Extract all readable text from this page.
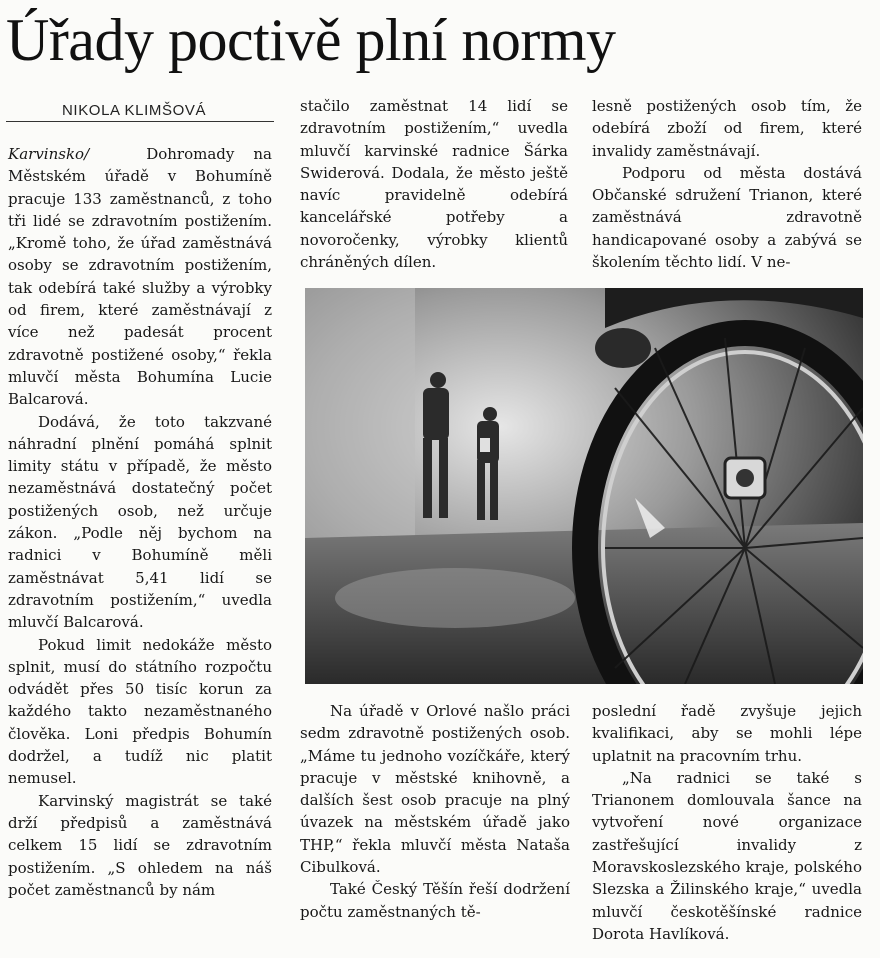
Úřady poctivě plní normy
NIKOLA KLIMŠOVÁ

Karvinsko/	Dohromady na Městském úřadě v Bohumíně pracuje 133 zaměstnanců, z toho tři lidé se zdravotním postižením. „Kromě toho, že úřad zaměstnává osoby se zdravotním postižením, tak odebírá také služby a výrobky od firem, které zaměstnávají z více než padesát procent zdravotně postižené osoby,“ řekla mluvčí města Bohumína Lucie Balcarová.

Dodává, že toto takzvané náhradní plnění pomáhá splnit limity státu v případě, že město nezaměstnává dostatečný počet postižených osob, než určuje zákon. „Podle něj bychom na radnici v Bohumíně měli zaměstnávat 5,41 lidí se zdravotním postižením,“ uvedla mluvčí Balcarová.

Pokud limit nedokáže město splnit, musí do státního rozpočtu odvádět přes 50 tisíc korun za každého takto nezaměstnaného člověka. Loni předpis Bohumín dodržel, a tudíž nic platit nemusel.

Karvinský magistrát se také drží předpisů a zaměstnává celkem 15 lidí se zdravotním postižením. „S ohledem na náš počet zaměstnanců by nám

stačilo zaměstnat 14 lidí se zdravotním postižením,“ uvedla mluvčí karvinské radnice Šárka Swiderová. Dodala, že město ještě navíc pravidelně odebírá kancelářské potřeby a novoročenky, výrobky klientů chráněných dílen.

lesně postižených osob tím, že odebírá zboží od firem, které invalidy zaměstnávají.

Podporu od města dostává Občanské sdružení Trianon, které zaměstnává zdravotně handicapované osoby a zabývá se školením těchto lidí. V ne-

Na úřadě v Orlové našlo práci sedm zdravotně postižených osob. „Máme tu jednoho vozíčkáře, který pracuje v městské knihovně, a dalších šest osob pracuje na plný úvazek na městském úřadě jako THP,“ řekla mluvčí města Nataša Cibulková.

Také Český Těšín řeší dodržení počtu zaměstnaných tě-

poslední řadě zvyšuje jejich kvalifikaci, aby se mohli lépe uplatnit na pracovním trhu.

„Na radnici se také s Trianonem domlouvala šance na vytvoření nové organizace zastřešující invalidy z Moravskoslezského kraje, polského Slezska a Žilinského kraje,“ uvedla mluvčí českotěšínské radnice Dorota Havlíková.
